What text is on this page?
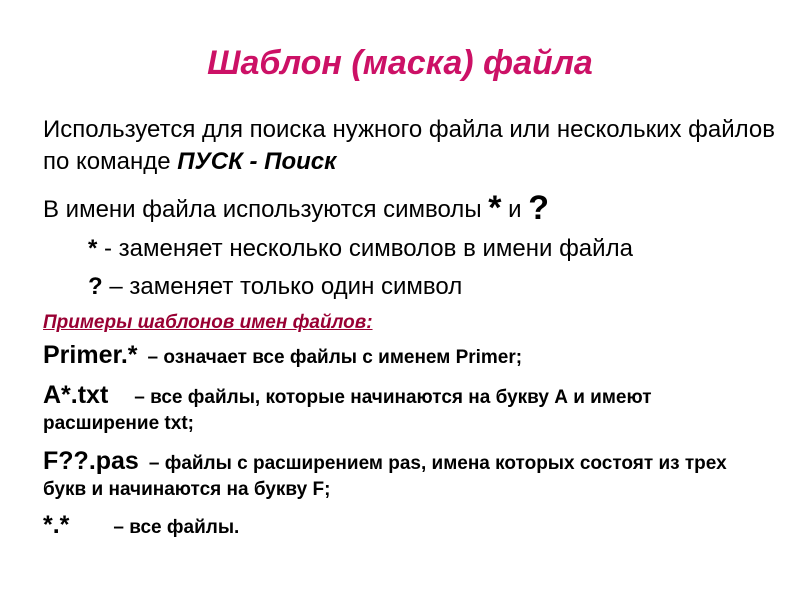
Шаблон (маска) файла
Используется для поиска нужного файла или нескольких файлов по команде ПУСК - Поиск
В имени файла используются символы * и ?
* - заменяет несколько символов в имени файла
? – заменяет только один символ
Примеры шаблонов имен файлов:
Primer.* – означает все файлы с именем Primer;
A*.txt – все файлы, которые начинаются на букву А и имеют расширение txt;
F??.pas – файлы с расширением pas, имена которых состоят из трех букв и начинаются на букву F;
*.* – все файлы.
